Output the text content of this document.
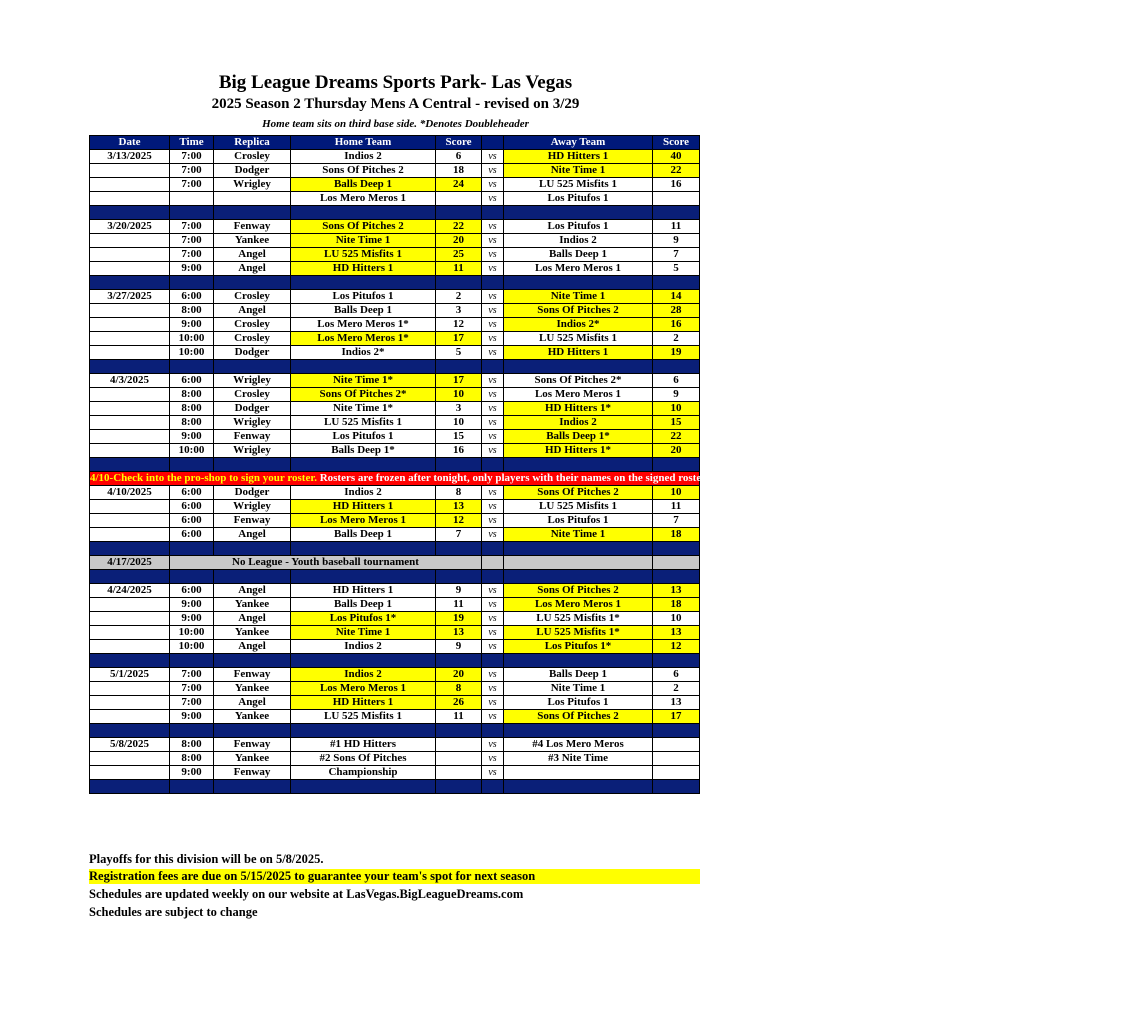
Big League Dreams Sports Park- Las Vegas
2025 Season 2 Thursday Mens A Central - revised on 3/29
Home team sits on third base side. *Denotes Doubleheader
Date	Time	Replica	Home Team	Score		Away Team	Score
3/13/2025	7:00	Crosley	Indios 2	6	vs	HD Hitters 1	40
	7:00	Dodger	Sons Of Pitches 2	18	vs	Nite Time 1	22
	7:00	Wrigley	Balls Deep 1	24	vs	LU 525 Misfits 1	16
			Los Mero Meros 1		vs	Los Pitufos 1	

3/20/2025	7:00	Fenway	Sons Of Pitches 2	22	vs	Los Pitufos 1	11
	7:00	Yankee	Nite Time 1	20	vs	Indios 2	9
	7:00	Angel	LU 525 Misfits 1	25	vs	Balls Deep 1	7
	9:00	Angel	HD Hitters 1	11	vs	Los Mero Meros 1	5

3/27/2025	6:00	Crosley	Los Pitufos 1	2	vs	Nite Time 1	14
	8:00	Angel	Balls Deep 1	3	vs	Sons Of Pitches 2	28
	9:00	Crosley	Los Mero Meros 1*	12	vs	Indios 2*	16
	10:00	Crosley	Los Mero Meros 1*	17	vs	LU 525 Misfits 1	2
	10:00	Dodger	Indios 2*	5	vs	HD Hitters 1	19

4/3/2025	6:00	Wrigley	Nite Time 1*	17	vs	Sons Of Pitches 2*	6
	8:00	Crosley	Sons Of Pitches 2*	10	vs	Los Mero Meros 1	9
	8:00	Dodger	Nite Time 1*	3	vs	HD Hitters 1*	10
	8:00	Wrigley	LU 525 Misfits 1	10	vs	Indios 2	15
	9:00	Fenway	Los Pitufos 1	15	vs	Balls Deep 1*	22
	10:00	Wrigley	Balls Deep 1*	16	vs	HD Hitters 1*	20

4/10-Check into the pro-shop to sign your roster. Rosters are frozen after tonight, only players with their names on the signed roster are eligible for playoffs. Please check carefully as changes will not be made for omissions.							
4/10/2025	6:00	Dodger	Indios 2	8	vs	Sons Of Pitches 2	10
	6:00	Wrigley	HD Hitters 1	13	vs	LU 525 Misfits 1	11
	6:00	Fenway	Los Mero Meros 1	12	vs	Los Pitufos 1	7
	6:00	Angel	Balls Deep 1	7	vs	Nite Time 1	18

4/17/2025	No League - Youth baseball tournament						

4/24/2025	6:00	Angel	HD Hitters 1	9	vs	Sons Of Pitches 2	13
	9:00	Yankee	Balls Deep 1	11	vs	Los Mero Meros 1	18
	9:00	Angel	Los Pitufos 1*	19	vs	LU 525 Misfits 1*	10
	10:00	Yankee	Nite Time 1	13	vs	LU 525 Misfits 1*	13
	10:00	Angel	Indios 2	9	vs	Los Pitufos 1*	12

5/1/2025	7:00	Fenway	Indios 2	20	vs	Balls Deep 1	6
	7:00	Yankee	Los Mero Meros 1	8	vs	Nite Time 1	2
	7:00	Angel	HD Hitters 1	26	vs	Los Pitufos 1	13
	9:00	Yankee	LU 525 Misfits 1	11	vs	Sons Of Pitches 2	17

5/8/2025	8:00	Fenway	#1 HD Hitters		vs	#4 Los Mero Meros	
	8:00	Yankee	#2 Sons Of Pitches		vs	#3 Nite Time	
	9:00	Fenway	Championship		vs		

Playoffs for this division will be on 5/8/2025.
Registration fees are due on 5/15/2025 to guarantee your team's spot for next season
Schedules are updated weekly on our website at LasVegas.BigLeagueDreams.com
Schedules are subject to change
